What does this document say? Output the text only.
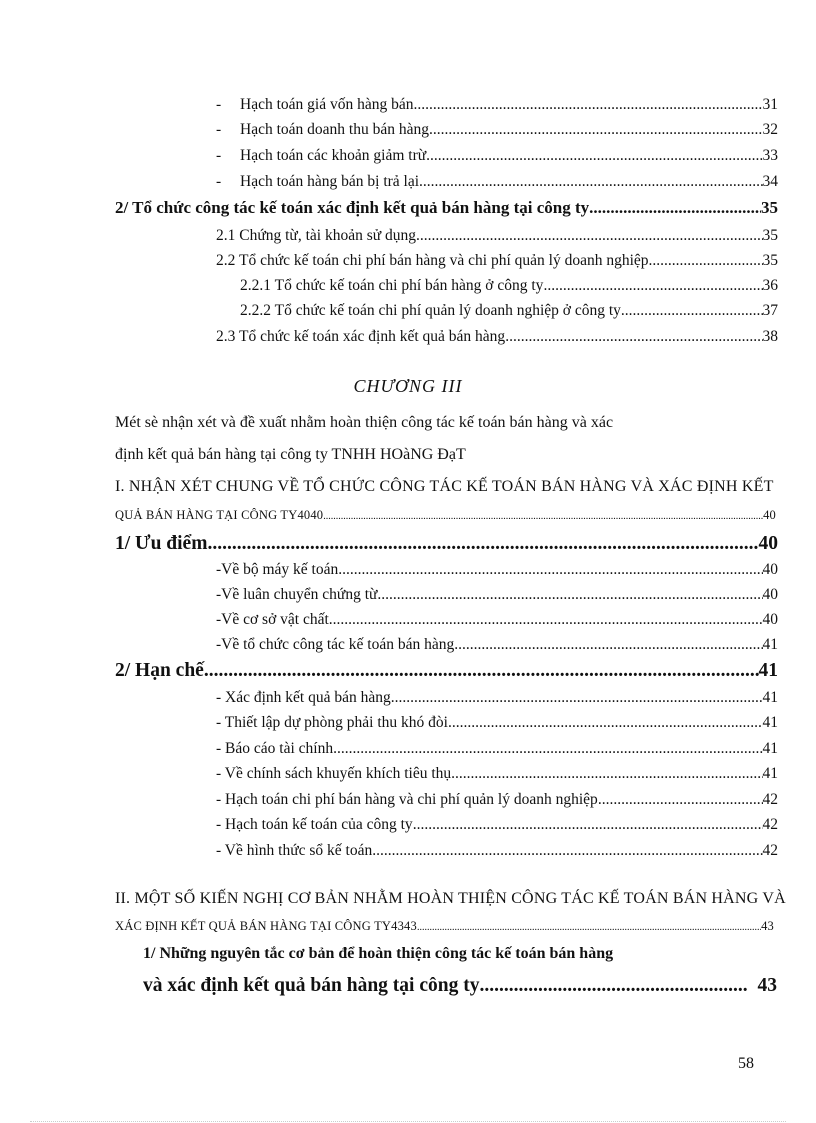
- Hạch toán giá vốn hàng bán .....	31
- Hạch toán doanh thu bán hàng .....	32
- Hạch toán các khoản giảm trừ .....	33
- Hạch toán hàng bán bị trả lại .....	34
2/ Tổ chức công tác kế toán xác định kết quả bán hàng tại công ty .....	35
2.1 Chứng từ, tài khoản sử dụng .....	35
2.2 Tổ chức kế toán chi phí bán hàng và chi phí quản lý doanh nghiệp .....	35
2.2.1 Tổ chức kế toán chi phí bán hàng ở công ty .....	36
2.2.2 Tổ chức kế toán chi phí quản lý doanh nghiệp ở công ty .....	37
2.3 Tổ chức kế toán xác định kết quả bán hàng .....	38
CHƯƠNG III
Mét sè nhận xét và đề xuất nhằm hoàn thiện công tác kế toán bán hàng và xác
định kết quả bán hàng tại công ty TNHH HOàNG ĐạT
I. NHẬN XÉT CHUNG VỀ TỔ CHỨC CÔNG TÁC KẾ TOÁN BÁN HÀNG VÀ XÁC ĐỊNH KẾT
QUẢ BÁN HÀNG TẠI CÔNG TY4040 .....	40
1/ Ưu điểm .....	40
-Về bộ máy kế toán .....	40
-Về luân chuyển chứng từ .....	40
-Về cơ sở vật chất .....	40
-Về tổ chức công tác kế toán bán hàng .....	41
2/ Hạn chế .....	41
- Xác định kết quả bán hàng .....	41
- Thiết lập dự phòng phải thu khó đòi .....	41
- Báo cáo tài chính .....	41
- Về chính sách khuyến khích tiêu thụ .....	41
- Hạch toán chi phí bán hàng và chi phí quản lý doanh nghiệp .....	42
- Hạch toán kế toán của công ty .....	42
- Về hình thức sổ kế toán .....	42
II. MỘT SỐ KIẾN NGHỊ CƠ BẢN NHẰM HOÀN THIỆN CÔNG TÁC KẾ TOÁN BÁN HÀNG VÀ
XÁC ĐỊNH KẾT QUẢ BÁN HÀNG TẠI CÔNG TY4343 .....	43
1/ Những nguyên tắc cơ bản để hoàn thiện công tác kế toán bán hàng
và xác định kết quả bán hàng tại công ty .....	43
58
